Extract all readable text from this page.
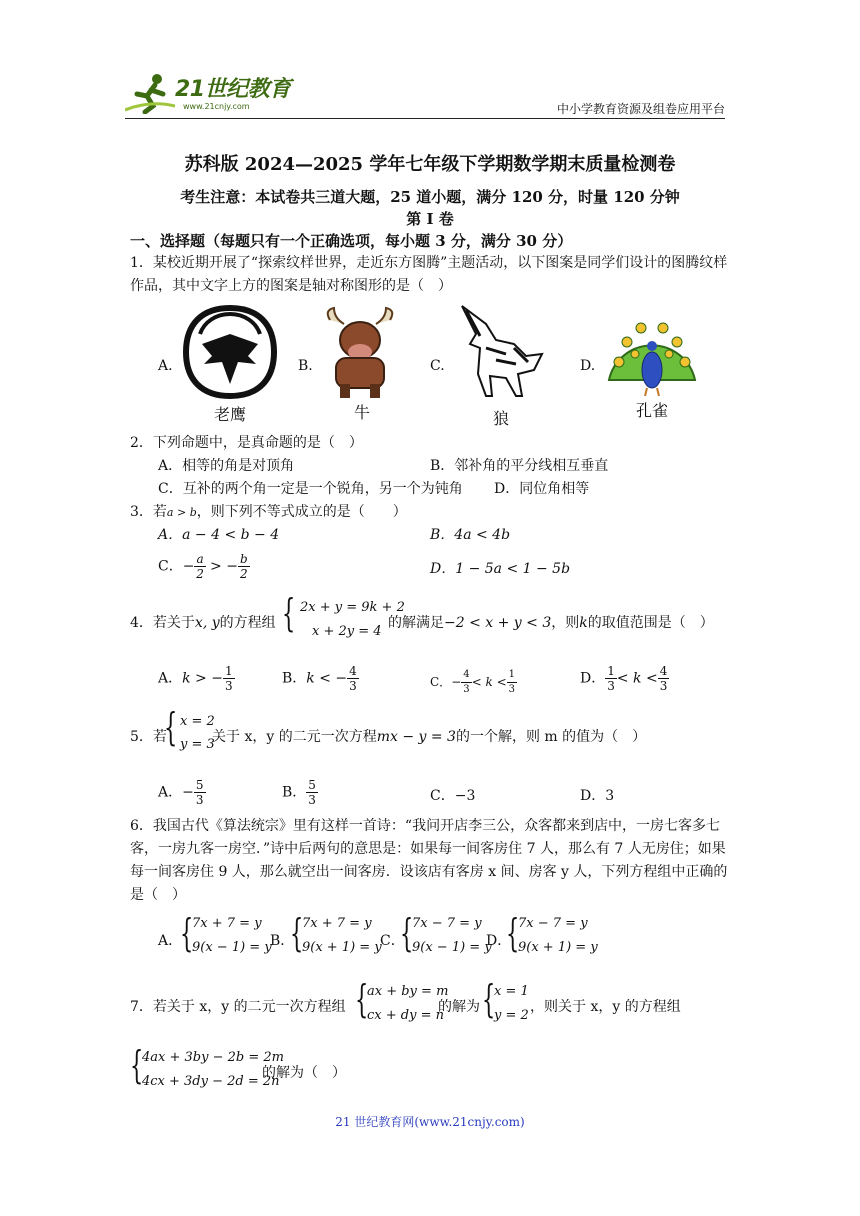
21世纪教育
www.21cnjy.com	中小学教育资源及组卷应用平台
苏科版 2024—2025 学年七年级下学期数学期末质量检测卷
考生注意：本试卷共三道大题，25 道小题，满分 120 分，时量 120 分钟
第 I 卷
一、选择题（每题只有一个正确选项，每小题 3 分，满分 30 分）
1．某校近期开展了“探索纹样世界，走近东方图腾”主题活动，以下图案是同学们设计的图腾纹样作品，其中文字上方的图案是轴对称图形的是（　）
A.
老鹰
B.
牛
C.
狼
D.
孔雀
2．下列命题中，是真命题的是（　）
A．相等的角是对顶角	B．邻补角的平分线相互垂直
C．互补的两个角一定是一个锐角，另一个为钝角 D．同位角相等
3．若a > b，则下列不等式成立的是（　　）
A．a − 4 < b − 4	B．4a < 4b
C．− $\frac{a}{2}$ > − $\frac{b}{2}$	D．1 − 5a < 1 − 5b
4．若关于x, y的方程组 { 2x + y = 9k + 2
x + 2y = 4
的解满足−2 < x + y < 3，则k的取值范围是（　）
A．k > − $\frac{1}{3}$	B．k < − $\frac{4}{3}$	C．− $\frac{4}{3} < k < \frac{1}{3}$	D． $\frac{1}{3} < k < \frac{4}{3}$
5．若
{ x = 2
y = 3
关于 x，y 的二元一次方程mx − y = 3的一个解，则 m 的值为（　）
A．− $\frac{5}{3}$	B． $\frac{5}{3}$	C．−3	D．3
6．我国古代《算法统宗》里有这样一首诗：“我问开店李三公，众客都来到店中，一房七客多七客，一房九客一房空．”诗中后两句的意思是：如果每一间客房住 7 人，那么有 7 人无房住；如果每一间客房住 9 人，那么就空出一间客房．设该店有客房 x 间、房客 y 人，下列方程组中正确的是（　）
A．
{
7x + 7 = y
9(x − 1) = y
B．
{
7x + 7 = y
9(x + 1) = y
C．
{
7x − 7 = y
9(x − 1) = y
D．
{
7x − 7 = y
9(x + 1) = y
7．若关于 x，y 的二元一次方程组 {
ax + by = m
cx + dy = n
的解为 {
x = 1
y = 2
，则关于 x，y 的方程组
{
4ax + 3by − 2b = 2m
4cx + 3dy − 2d = 2n
的解为（　）
21 世纪教育网(www.21cnjy.com)
